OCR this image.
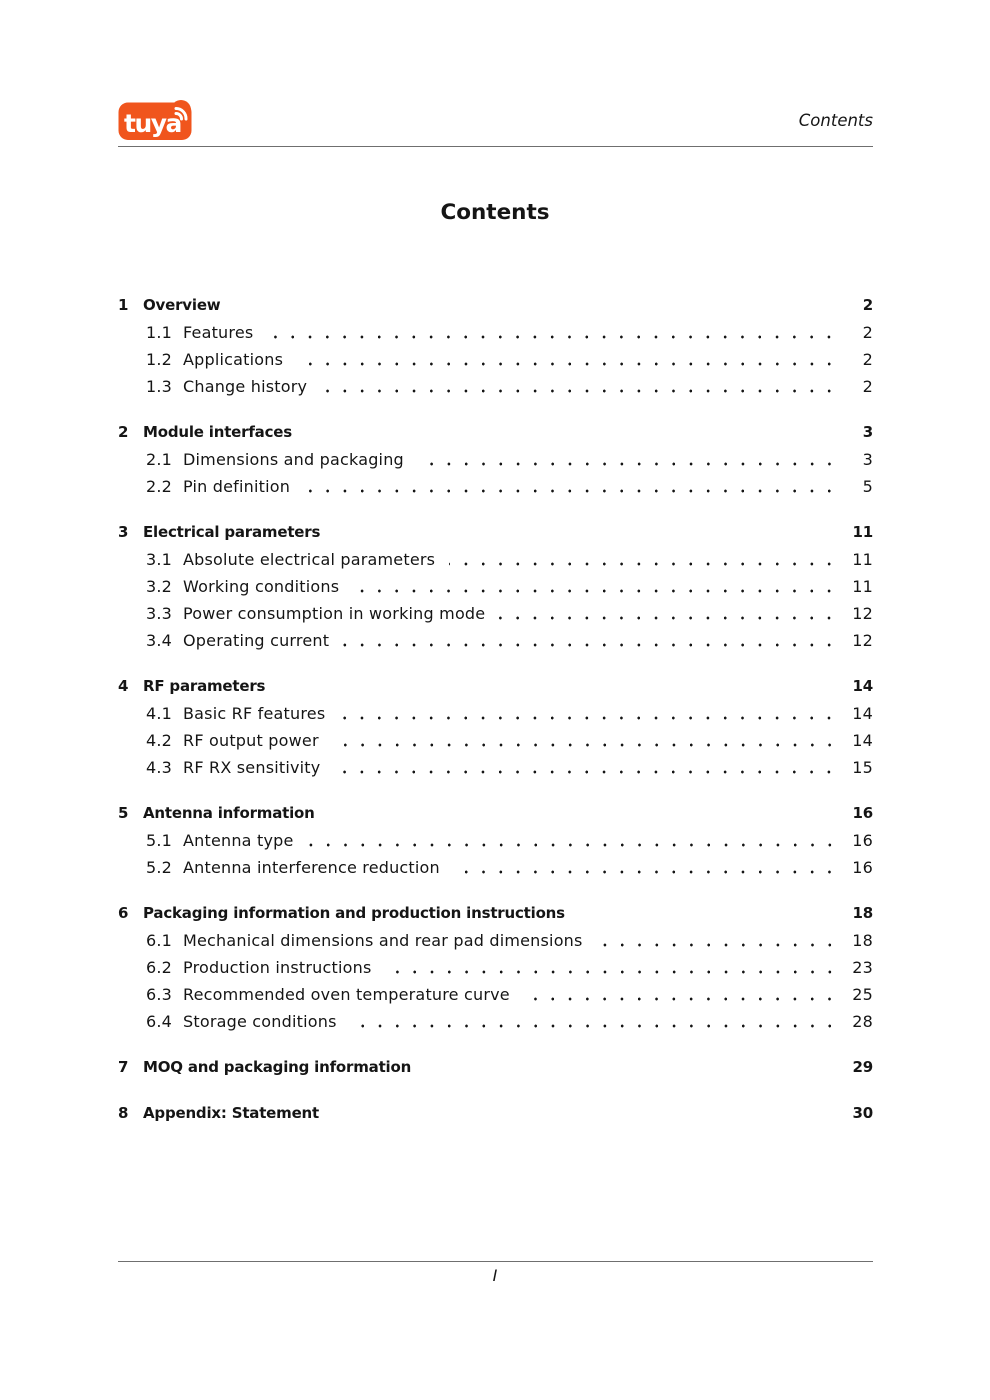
tuya	Contents
Contents
1 Overview	2
1.1 Features	2
1.2 Applications	2
1.3 Change history	2
2 Module interfaces	3
2.1 Dimensions and packaging	3
2.2 Pin definition	5
3 Electrical parameters	11
3.1 Absolute electrical parameters	11
3.2 Working conditions	11
3.3 Power consumption in working mode	12
3.4 Operating current	12
4 RF parameters	14
4.1 Basic RF features	14
4.2 RF output power	14
4.3 RF RX sensitivity	15
5 Antenna information	16
5.1 Antenna type	16
5.2 Antenna interference reduction	16
6 Packaging information and production instructions	18
6.1 Mechanical dimensions and rear pad dimensions	18
6.2 Production instructions	23
6.3 Recommended oven temperature curve	25
6.4 Storage conditions	28
7 MOQ and packaging information	29
8 Appendix: Statement	30
I
